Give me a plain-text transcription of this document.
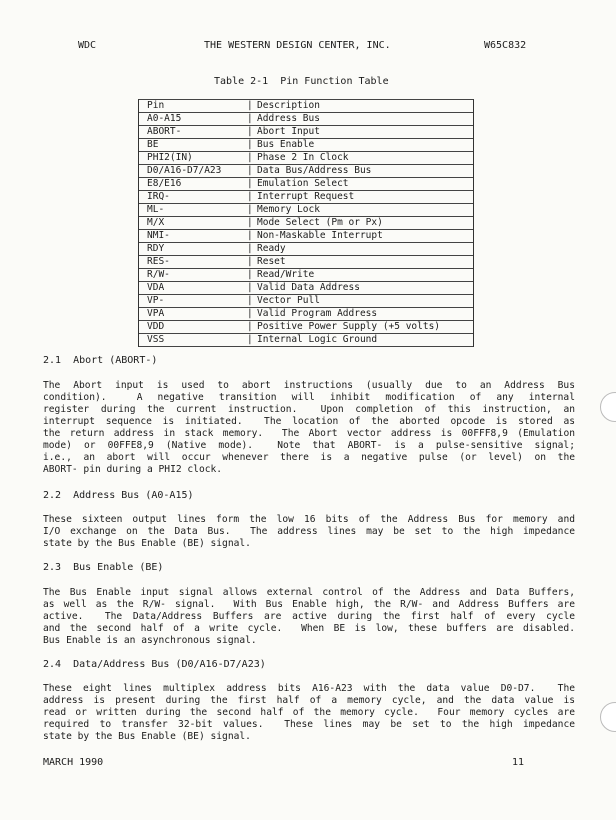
WDC	THE WESTERN DESIGN CENTER, INC.	W65C832
Table 2-1  Pin Function Table
Pin	| Description
A0-A15	| Address Bus
ABORT-	| Abort Input
BE	| Bus Enable
PHI2(IN)	| Phase 2 In Clock
D0/A16-D7/A23	| Data Bus/Address Bus
E8/E16	| Emulation Select
IRQ-	| Interrupt Request
ML-	| Memory Lock
M/X	| Mode Select (Pm or Px)
NMI-	| Non-Maskable Interrupt
RDY	| Ready
RES-	| Reset
R/W-	| Read/Write
VDA	| Valid Data Address
VP-	| Vector Pull
VPA	| Valid Program Address
VDD	| Positive Power Supply (+5 volts)
VSS	| Internal Logic Ground
2.1  Abort (ABORT-)
The Abort input is used to abort instructions (usually due to an Address Bus
condition).  A negative transition will inhibit modification of any internal
register during the current instruction.  Upon completion of this instruction, an
interrupt sequence is initiated.  The location of the aborted opcode is stored as
the return address in stack memory.  The Abort vector address is 00FFF8,9 (Emulation
mode) or 00FFE8,9 (Native mode).  Note that ABORT- is a pulse-sensitive signal;
i.e., an abort will occur whenever there is a negative pulse (or level) on the
ABORT- pin during a PHI2 clock.
2.2  Address Bus (A0-A15)
These sixteen output lines form the low 16 bits of the Address Bus for memory and
I/O exchange on the Data Bus.  The address lines may be set to the high impedance
state by the Bus Enable (BE) signal.
2.3  Bus Enable (BE)
The Bus Enable input signal allows external control of the Address and Data Buffers,
as well as the R/W- signal.  With Bus Enable high, the R/W- and Address Buffers are
active.  The Data/Address Buffers are active during the first half of every cycle
and the second half of a write cycle.  When BE is low, these buffers are disabled.
Bus Enable is an asynchronous signal.
2.4  Data/Address Bus (D0/A16-D7/A23)
These eight lines multiplex address bits A16-A23 with the data value D0-D7.  The
address is present during the first half of a memory cycle, and the data value is
read or written during the second half of the memory cycle.  Four memory cycles are
required to transfer 32-bit values.  These lines may be set to the high impedance
state by the Bus Enable (BE) signal.
MARCH 1990	11
